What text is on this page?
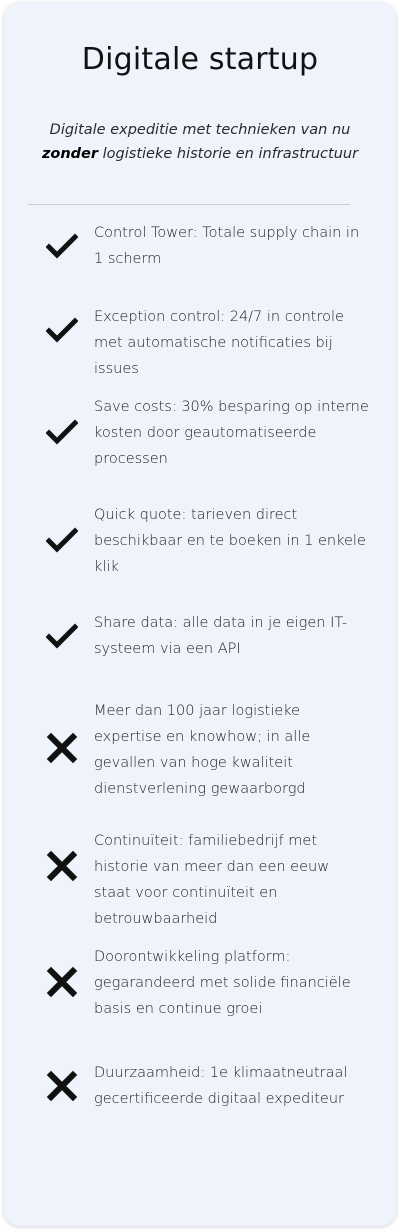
Digitale startup
Digitale expeditie met technieken van nu
zonder logistieke historie en infrastructuur
Control Tower: Totale supply chain in 1 scherm
Exception control: 24/7 in controle met automatische notificaties bij issues
Save costs: 30% besparing op interne kosten door geautomatiseerde processen
Quick quote: tarieven direct beschikbaar en te boeken in 1 enkele klik
Share data: alle data in je eigen IT-systeem via een API
Meer dan 100 jaar logistieke expertise en knowhow; in alle gevallen van hoge kwaliteit dienstverlening gewaarborgd
Continuïteit: familiebedrijf met historie van meer dan een eeuw staat voor continuïteit en betrouwbaarheid
Doorontwikkeling platform: gegarandeerd met solide financiële basis en continue groei
Duurzaamheid: 1e klimaatneutraal gecertificeerde digitaal expediteur
